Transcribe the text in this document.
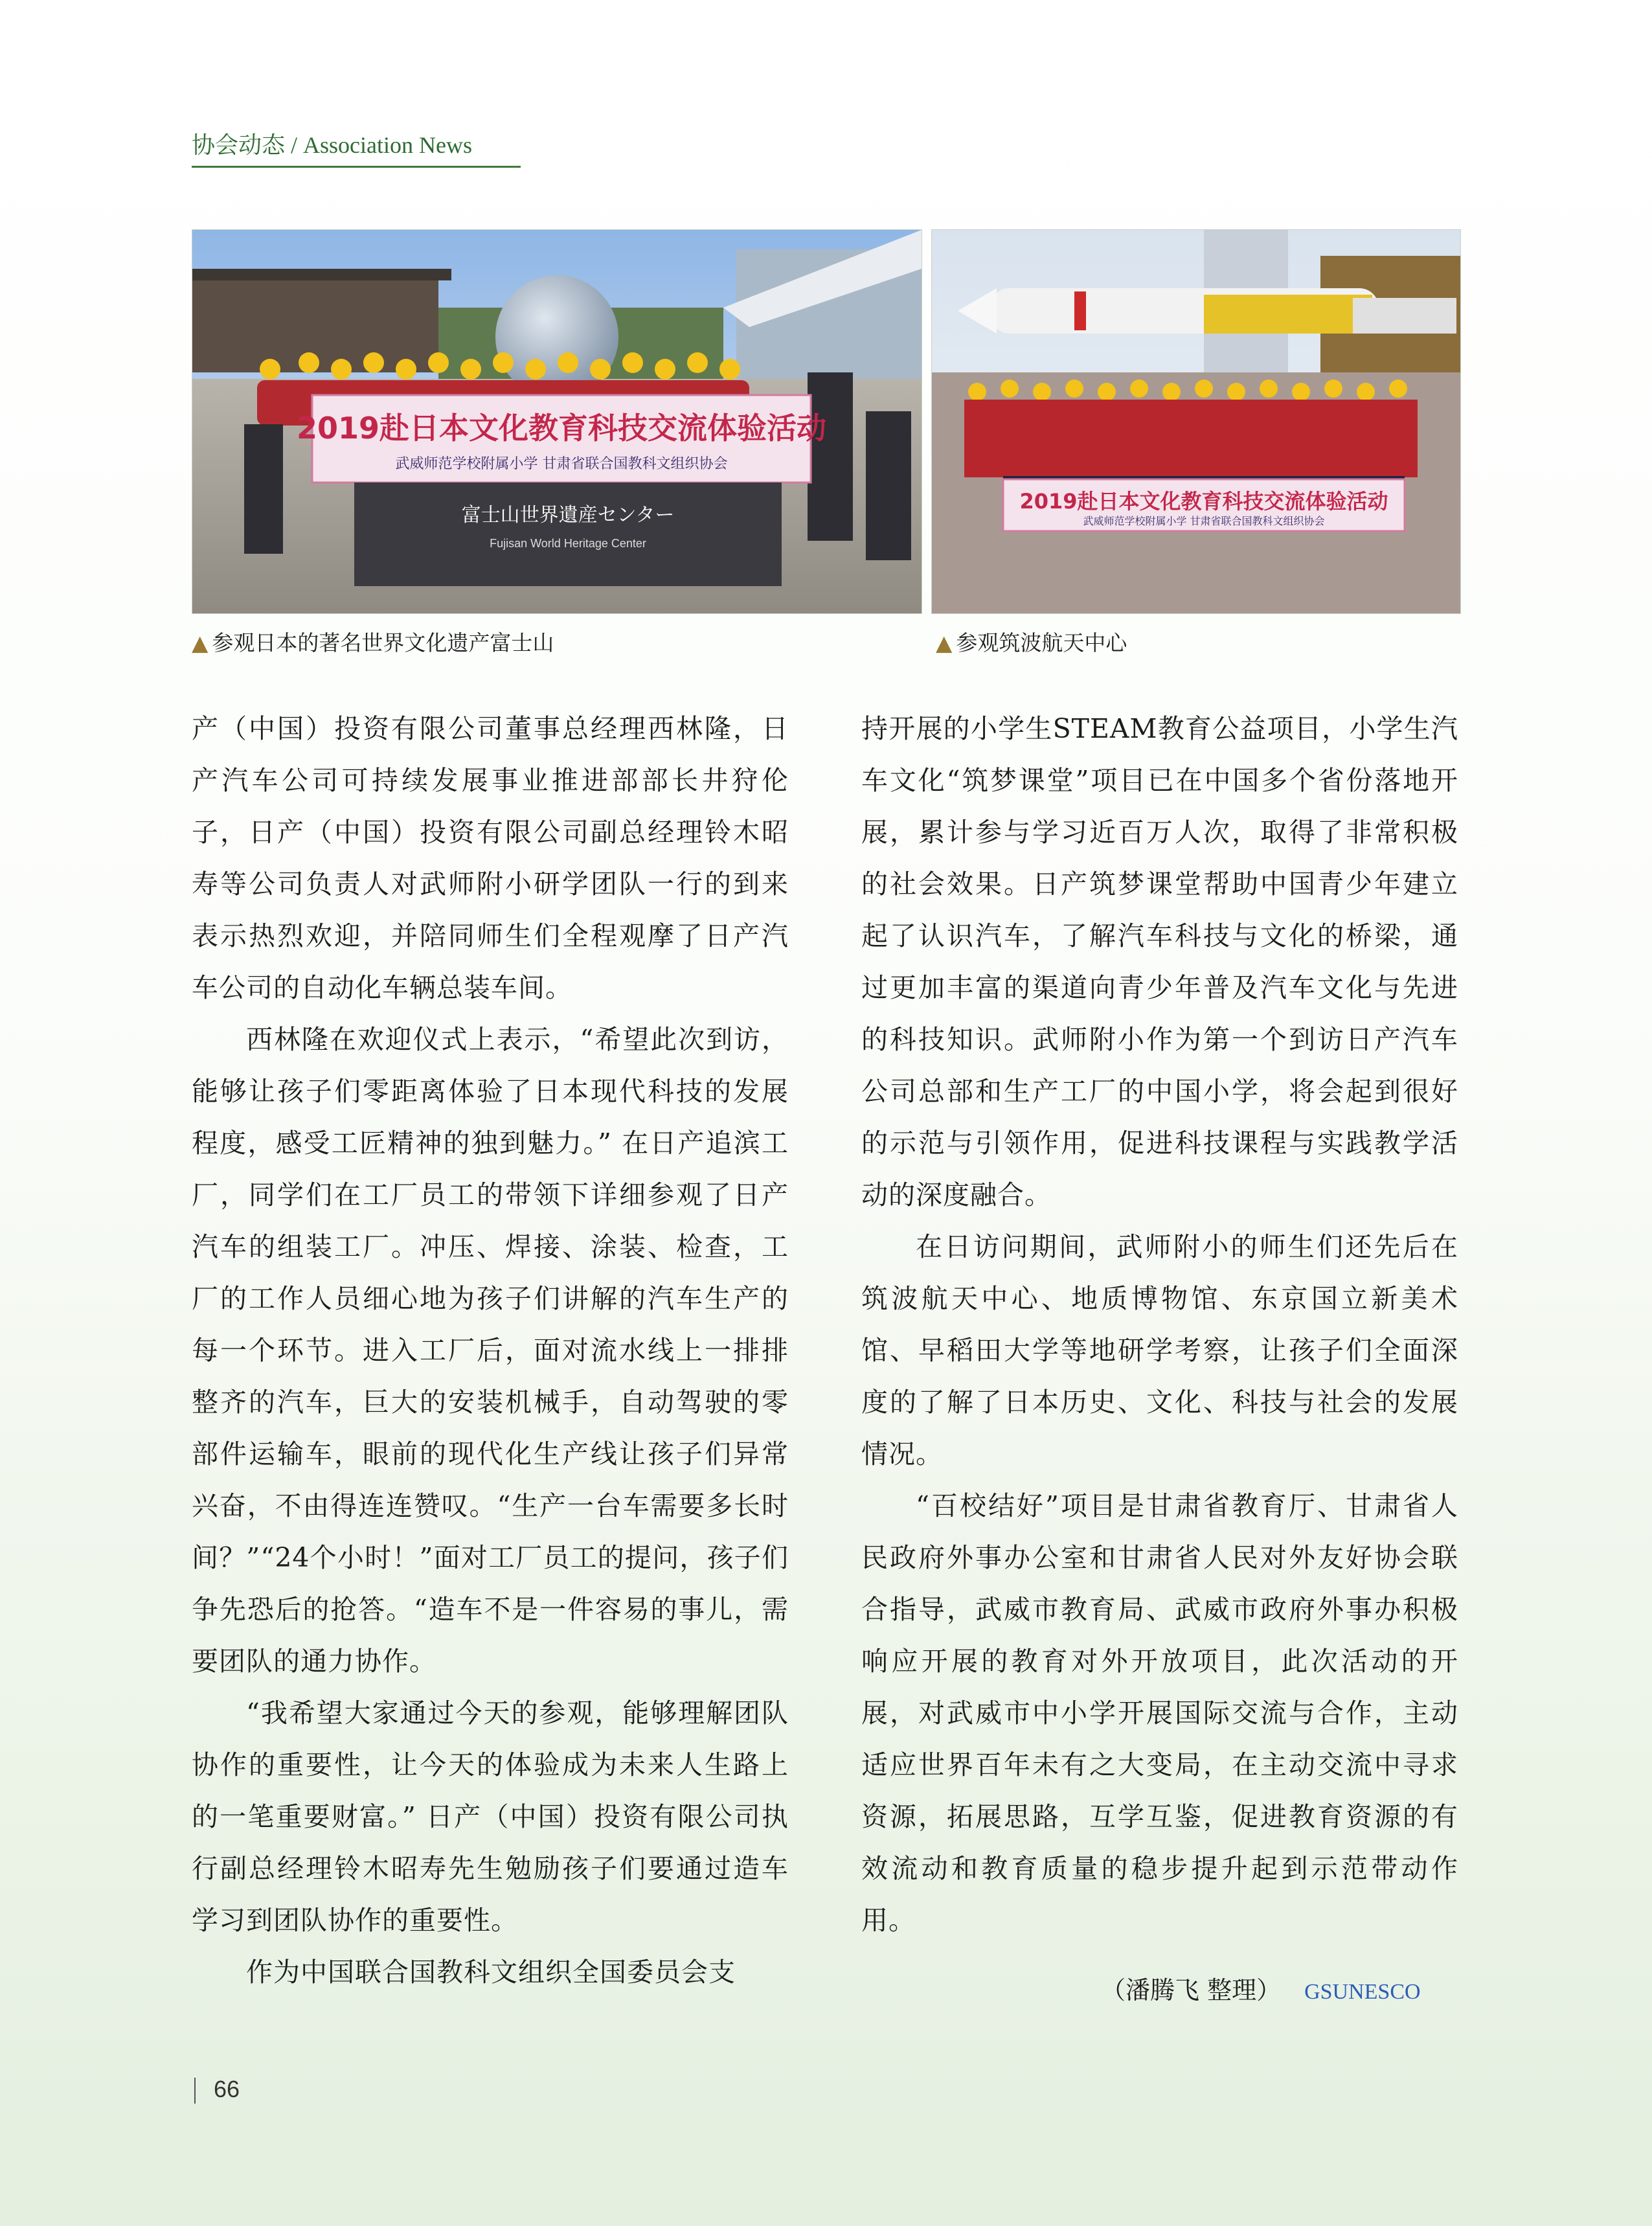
协会动态 / Association News
2019赴日本文化教育科技交流体验活动
武威师范学校附属小学 甘肃省联合国教科文组织协会
富士山世界遺産センター
Fujisan World Heritage Center
2019赴日本文化教育科技交流体验活动
武威师范学校附属小学 甘肃省联合国教科文组织协会
▲ 参观日本的著名世界文化遗产富士山	▲ 参观筑波航天中心

产（中国）投资有限公司董事总经理西林隆，日产汽车公司可持续发展事业推进部部长井狩伦子，日产（中国）投资有限公司副总经理铃木昭寿等公司负责人对武师附小研学团队一行的到来表示热烈欢迎，并陪同师生们全程观摩了日产汽车公司的自动化车辆总装车间。

西林隆在欢迎仪式上表示，“希望此次到访，能够让孩子们零距离体验了日本现代科技的发展程度，感受工匠精神的独到魅力。” 在日产追滨工厂，同学们在工厂员工的带领下详细参观了日产汽车的组装工厂。冲压、焊接、涂装、检查，工厂的工作人员细心地为孩子们讲解的汽车生产的每一个环节。进入工厂后，面对流水线上一排排整齐的汽车，巨大的安装机械手，自动驾驶的零部件运输车，眼前的现代化生产线让孩子们异常兴奋，不由得连连赞叹。“生产一台车需要多长时间？”“24个小时！”面对工厂员工的提问，孩子们争先恐后的抢答。“造车不是一件容易的事儿，需要团队的通力协作。

“我希望大家通过今天的参观，能够理解团队协作的重要性，让今天的体验成为未来人生路上的一笔重要财富。” 日产（中国）投资有限公司执行副总经理铃木昭寿先生勉励孩子们要通过造车学习到团队协作的重要性。

作为中国联合国教科文组织全国委员会支

持开展的小学生STEAM教育公益项目，小学生汽车文化“筑梦课堂”项目已在中国多个省份落地开展，累计参与学习近百万人次，取得了非常积极的社会效果。日产筑梦课堂帮助中国青少年建立起了认识汽车，了解汽车科技与文化的桥梁，通过更加丰富的渠道向青少年普及汽车文化与先进的科技知识。武师附小作为第一个到访日产汽车公司总部和生产工厂的中国小学，将会起到很好的示范与引领作用，促进科技课程与实践教学活动的深度融合。

在日访问期间，武师附小的师生们还先后在筑波航天中心、地质博物馆、东京国立新美术馆、早稻田大学等地研学考察，让孩子们全面深度的了解了日本历史、文化、科技与社会的发展情况。

“百校结好”项目是甘肃省教育厅、甘肃省人民政府外事办公室和甘肃省人民对外友好协会联合指导，武威市教育局、武威市政府外事办积极响应开展的教育对外开放项目，此次活动的开展，对武威市中小学开展国际交流与合作，主动适应世界百年未有之大变局，在主动交流中寻求资源，拓展思路，互学互鉴，促进教育资源的有效流动和教育质量的稳步提升起到示范带动作用。

（潘腾飞 整理） GSUNESCO
66
